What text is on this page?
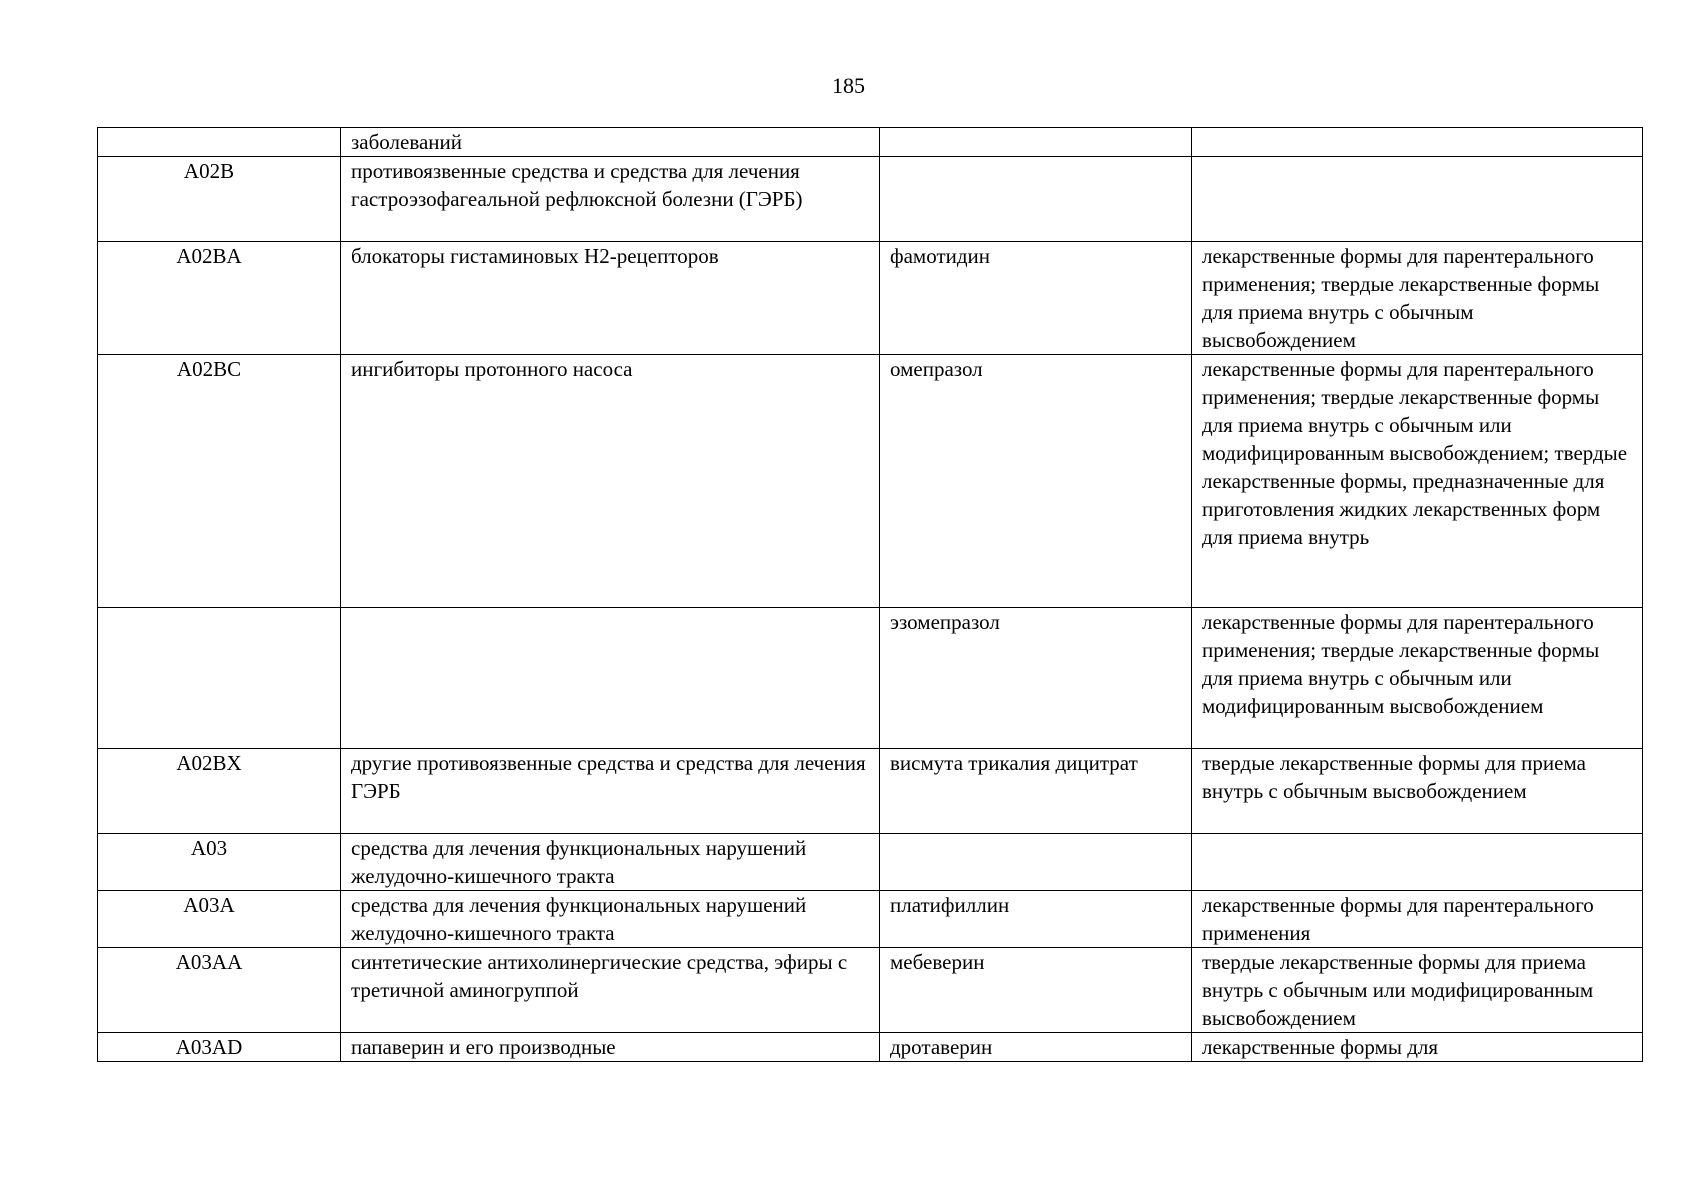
185
	заболеваний		
A02B	противоязвенные средства и средства для лечения гастроэзофагеальной рефлюксной болезни (ГЭРБ)		
A02BA	блокаторы гистаминовых H2-рецепторов	фамотидин	лекарственные формы для парентерального применения; твердые лекарственные формы для приема внутрь с обычным высвобождением
A02BC	ингибиторы протонного насоса	омепразол	лекарственные формы для парентерального применения; твердые лекарственные формы для приема внутрь с обычным или модифицированным высвобождением; твердые лекарственные формы, предназначенные для приготовления жидких лекарственных форм для приема внутрь
		эзомепразол	лекарственные формы для парентерального применения; твердые лекарственные формы для приема внутрь с обычным или модифицированным высвобождением
A02BX	другие противоязвенные средства и средства для лечения ГЭРБ	висмута трикалия дицитрат	твердые лекарственные формы для приема внутрь с обычным высвобождением
A03	средства для лечения функциональных нарушений желудочно-кишечного тракта		
A03A	средства для лечения функциональных нарушений желудочно-кишечного тракта	платифиллин	лекарственные формы для парентерального применения
A03AA	синтетические антихолинергические средства, эфиры с третичной аминогруппой	мебеверин	твердые лекарственные формы для приема внутрь с обычным или модифицированным высвобождением
A03AD	папаверин и его производные	дротаверин	лекарственные формы для
